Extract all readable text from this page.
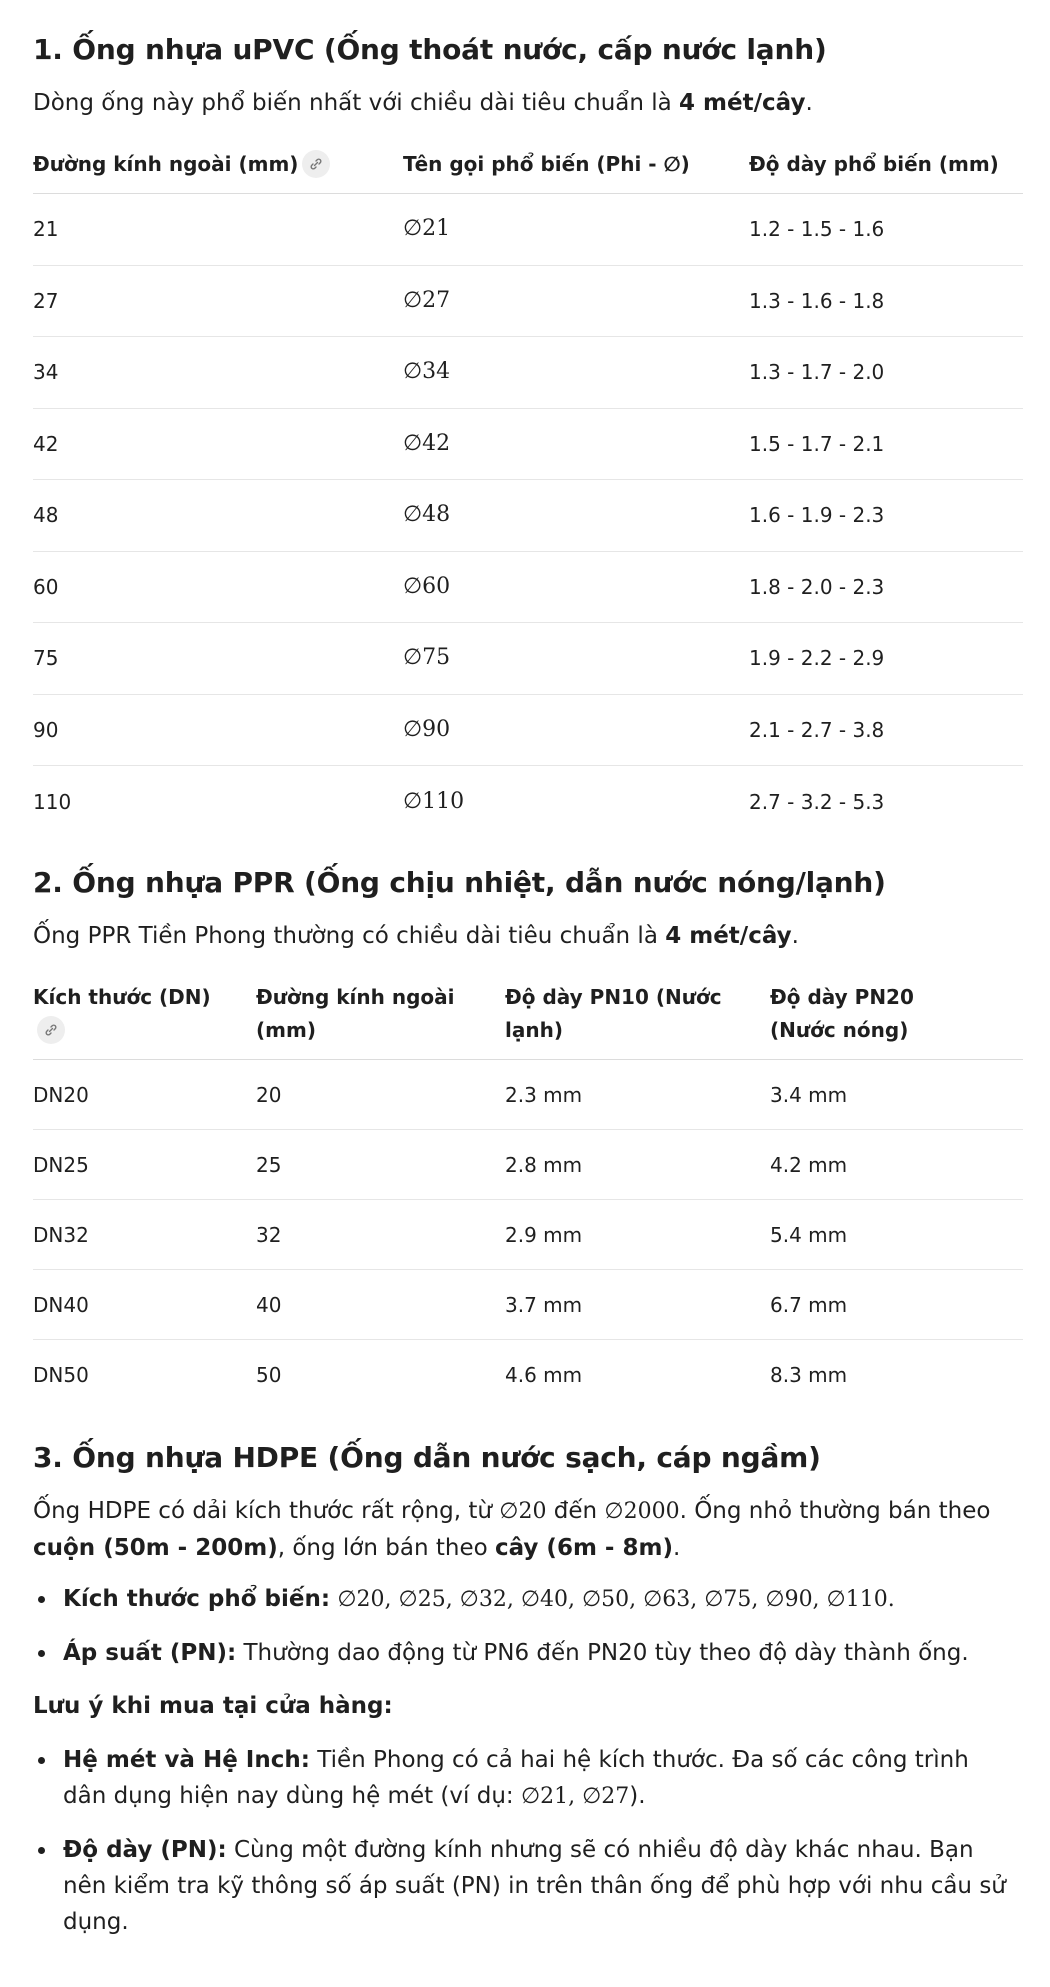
1. Ống nhựa uPVC (Ống thoát nước, cấp nước lạnh)

Dòng ống này phổ biến nhất với chiều dài tiêu chuẩn là 4 mét/cây.

Đường kính ngoài (mm)	Tên gọi phổ biến (Phi - ∅)	Độ dày phổ biến (mm)
21	∅21	1.2 - 1.5 - 1.6
27	∅27	1.3 - 1.6 - 1.8
34	∅34	1.3 - 1.7 - 2.0
42	∅42	1.5 - 1.7 - 2.1
48	∅48	1.6 - 1.9 - 2.3
60	∅60	1.8 - 2.0 - 2.3
75	∅75	1.9 - 2.2 - 2.9
90	∅90	2.1 - 2.7 - 3.8
110	∅110	2.7 - 3.2 - 5.3
2. Ống nhựa PPR (Ống chịu nhiệt, dẫn nước nóng/lạnh)

Ống PPR Tiền Phong thường có chiều dài tiêu chuẩn là 4 mét/cây.

Kích thước (DN)	Đường kính ngoài (mm)	Độ dày PN10 (Nước lạnh)	Độ dày PN20 (Nước nóng)
DN20	20	2.3 mm	3.4 mm
DN25	25	2.8 mm	4.2 mm
DN32	32	2.9 mm	5.4 mm
DN40	40	3.7 mm	6.7 mm
DN50	50	4.6 mm	8.3 mm
3. Ống nhựa HDPE (Ống dẫn nước sạch, cáp ngầm)

Ống HDPE có dải kích thước rất rộng, từ ∅20 đến ∅2000. Ống nhỏ thường bán theo cuộn (50m - 200m), ống lớn bán theo cây (6m - 8m).

Kích thước phổ biến: ∅20, ∅25, ∅32, ∅40, ∅50, ∅63, ∅75, ∅90, ∅110.
Áp suất (PN): Thường dao động từ PN6 đến PN20 tùy theo độ dày thành ống.

Lưu ý khi mua tại cửa hàng:

Hệ mét và Hệ Inch: Tiền Phong có cả hai hệ kích thước. Đa số các công trình dân dụng hiện nay dùng hệ mét (ví dụ: ∅21, ∅27).
Độ dày (PN): Cùng một đường kính nhưng sẽ có nhiều độ dày khác nhau. Bạn nên kiểm tra kỹ thông số áp suất (PN) in trên thân ống để phù hợp với nhu cầu sử dụng.
